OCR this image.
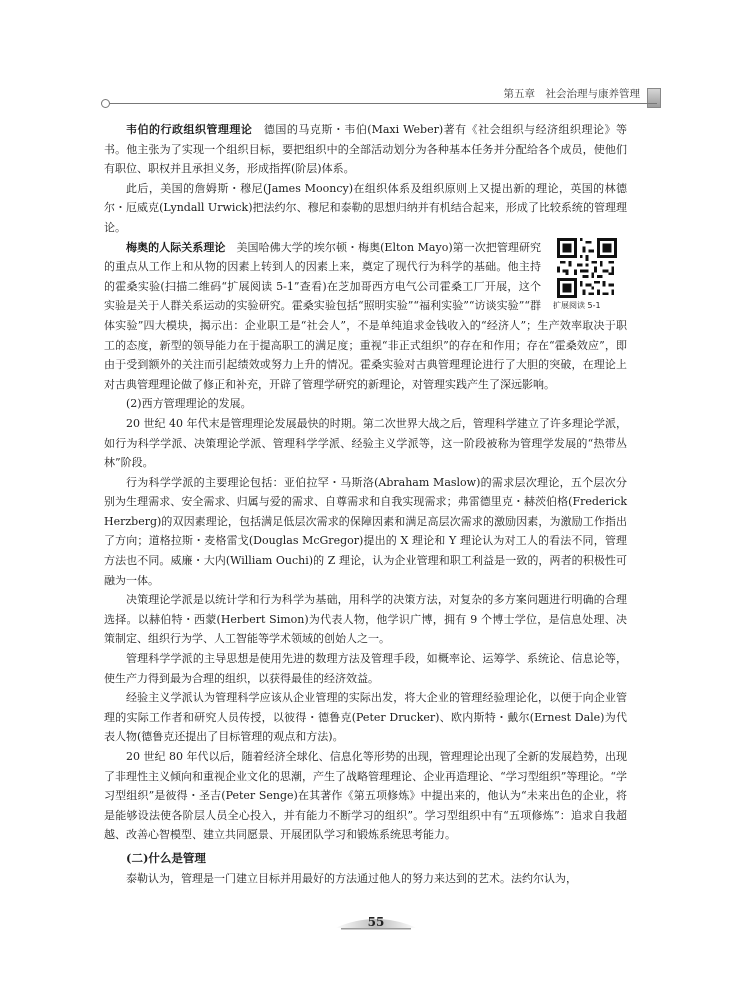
第五章　社会治理与康养管理

韦伯的行政组织管理理论　德国的马克斯・韦伯(Maxi Weber)著有《社会组织与经济组织理论》等书。他主张为了实现一个组织目标，要把组织中的全部活动划分为各种基本任务并分配给各个成员，使他们有职位、职权并且承担义务，形成指挥(阶层)体系。

此后，美国的詹姆斯・穆尼(James Mooncy)在组织体系及组织原则上又提出新的理论，英国的林德尔・厄威克(Lyndall Urwick)把法约尔、穆尼和泰勒的思想归纳并有机结合起来，形成了比较系统的管理理论。

扩展阅读 5-1
梅奥的人际关系理论　美国哈佛大学的埃尔顿・梅奥(Elton Mayo)第一次把管理研究的重点从工作上和从物的因素上转到人的因素上来，奠定了现代行为科学的基础。他主持的霍桑实验(扫描二维码“扩展阅读 5-1”查看)在芝加哥西方电气公司霍桑工厂开展，这个实验是关于人群关系运动的实验研究。霍桑实验包括“照明实验”“福利实验”“访谈实验”“群体实验”四大模块，揭示出：企业职工是“社会人”，不是单纯追求金钱收入的“经济人”；生产效率取决于职工的态度，新型的领导能力在于提高职工的满足度；重视“非正式组织”的存在和作用；存在“霍桑效应”，即由于受到额外的关注而引起绩效或努力上升的情况。霍桑实验对古典管理理论进行了大胆的突破，在理论上对古典管理理论做了修正和补充，开辟了管理学研究的新理论，对管理实践产生了深远影响。

(2)西方管理理论的发展。

20 世纪 40 年代末是管理理论发展最快的时期。第二次世界大战之后，管理科学建立了许多理论学派，如行为科学学派、决策理论学派、管理科学学派、经验主义学派等，这一阶段被称为管理学发展的“热带丛林”阶段。

行为科学学派的主要理论包括：亚伯拉罕・马斯洛(Abraham Maslow)的需求层次理论，五个层次分别为生理需求、安全需求、归属与爱的需求、自尊需求和自我实现需求；弗雷德里克・赫茨伯格(Frederick Herzberg)的双因素理论，包括满足低层次需求的保障因素和满足高层次需求的激励因素，为激励工作指出了方向；道格拉斯・麦格雷戈(Douglas McGregor)提出的 X 理论和 Y 理论认为对工人的看法不同，管理方法也不同。威廉・大内(William Ouchi)的 Z 理论，认为企业管理和职工利益是一致的，两者的积极性可融为一体。

决策理论学派是以统计学和行为科学为基础，用科学的决策方法，对复杂的多方案问题进行明确的合理选择。以赫伯特・西蒙(Herbert Simon)为代表人物，他学识广博，拥有 9 个博士学位，是信息处理、决策制定、组织行为学、人工智能等学术领域的创始人之一。

管理科学学派的主导思想是使用先进的数理方法及管理手段，如概率论、运筹学、系统论、信息论等，使生产力得到最为合理的组织，以获得最佳的经济效益。

经验主义学派认为管理科学应该从企业管理的实际出发，将大企业的管理经验理论化，以便于向企业管理的实际工作者和研究人员传授，以彼得・德鲁克(Peter Drucker)、欧内斯特・戴尔(Ernest Dale)为代表人物(德鲁克还提出了目标管理的观点和方法)。

20 世纪 80 年代以后，随着经济全球化、信息化等形势的出现，管理理论出现了全新的发展趋势，出现了非理性主义倾向和重视企业文化的思潮，产生了战略管理理论、企业再造理论、“学习型组织”等理论。“学习型组织”是彼得・圣吉(Peter Senge)在其著作《第五项修炼》中提出来的，他认为“未来出色的企业，将是能够设法使各阶层人员全心投入，并有能力不断学习的组织”。学习型组织中有“五项修炼”：追求自我超越、改善心智模型、建立共同愿景、开展团队学习和锻炼系统思考能力。

(二)什么是管理

泰勒认为，管理是一门建立目标并用最好的方法通过他人的努力来达到的艺术。法约尔认为，

55
